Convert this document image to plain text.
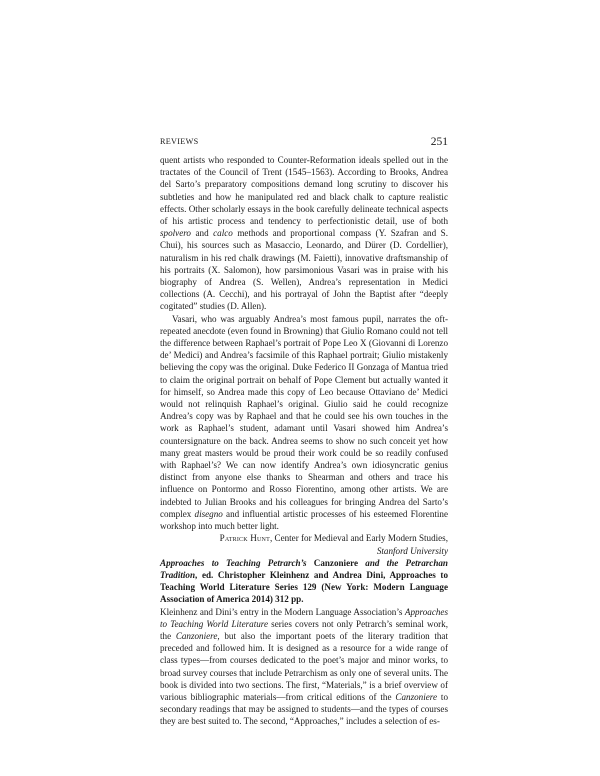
REVIEWS	251

quent artists who responded to Counter-Reformation ideals spelled out in the tractates of the Council of Trent (1545–1563). According to Brooks, Andrea del Sarto’s preparatory compositions demand long scrutiny to discover his subtleties and how he manipulated red and black chalk to capture realistic effects. Other scholarly essays in the book carefully delineate technical aspects of his artistic process and tendency to perfectionistic detail, use of both spolvero and calco methods and proportional compass (Y. Szafran and S. Chui), his sources such as Masaccio, Leonardo, and Dürer (D. Cordellier), naturalism in his red chalk drawings (M. Faietti), innovative draftsmanship of his portraits (X. Salomon), how parsimonious Vasari was in praise with his biography of Andrea (S. Wellen), Andrea’s representation in Medici collections (A. Cecchi), and his portrayal of John the Baptist after “deeply cogitated” studies (D. Allen).

Vasari, who was arguably Andrea’s most famous pupil, narrates the oft-repeated anecdote (even found in Browning) that Giulio Romano could not tell the difference between Raphael’s portrait of Pope Leo X (Giovanni di Lorenzo de’ Medici) and Andrea’s facsimile of this Raphael portrait; Giulio mistakenly believing the copy was the original. Duke Federico II Gonzaga of Mantua tried to claim the original portrait on behalf of Pope Clement but actually wanted it for himself, so Andrea made this copy of Leo because Ottaviano de’ Medici would not relinquish Raphael’s original. Giulio said he could recognize Andrea’s copy was by Raphael and that he could see his own touches in the work as Raphael’s student, adamant until Vasari showed him Andrea’s countersignature on the back. Andrea seems to show no such conceit yet how many great masters would be proud their work could be so readily confused with Raphael’s? We can now identify Andrea’s own idiosyncratic genius distinct from anyone else thanks to Shearman and others and trace his influence on Pontormo and Rosso Fiorentino, among other artists. We are indebted to Julian Brooks and his colleagues for bringing Andrea del Sarto’s complex disegno and influential artistic processes of his esteemed Florentine workshop into much better light.

Patrick Hunt, Center for Medieval and Early Modern Studies,

Stanford University

Approaches to Teaching Petrarch’s Canzoniere and the Petrarchan Tradition, ed. Christopher Kleinhenz and Andrea Dini, Approaches to Teaching World Literature Series 129 (New York: Modern Language Association of America 2014) 312 pp.

Kleinhenz and Dini’s entry in the Modern Language Association’s Approaches to Teaching World Literature series covers not only Petrarch’s seminal work, the Canzoniere, but also the important poets of the literary tradition that preceded and followed him. It is designed as a resource for a wide range of class types—from courses dedicated to the poet’s major and minor works, to broad survey courses that include Petrarchism as only one of several units. The book is divided into two sections. The first, “Materials,” is a brief overview of various bibliographic materials—from critical editions of the Canzoniere to secondary readings that may be assigned to students—and the types of courses they are best suited to. The second, “Approaches,” includes a selection of es-
